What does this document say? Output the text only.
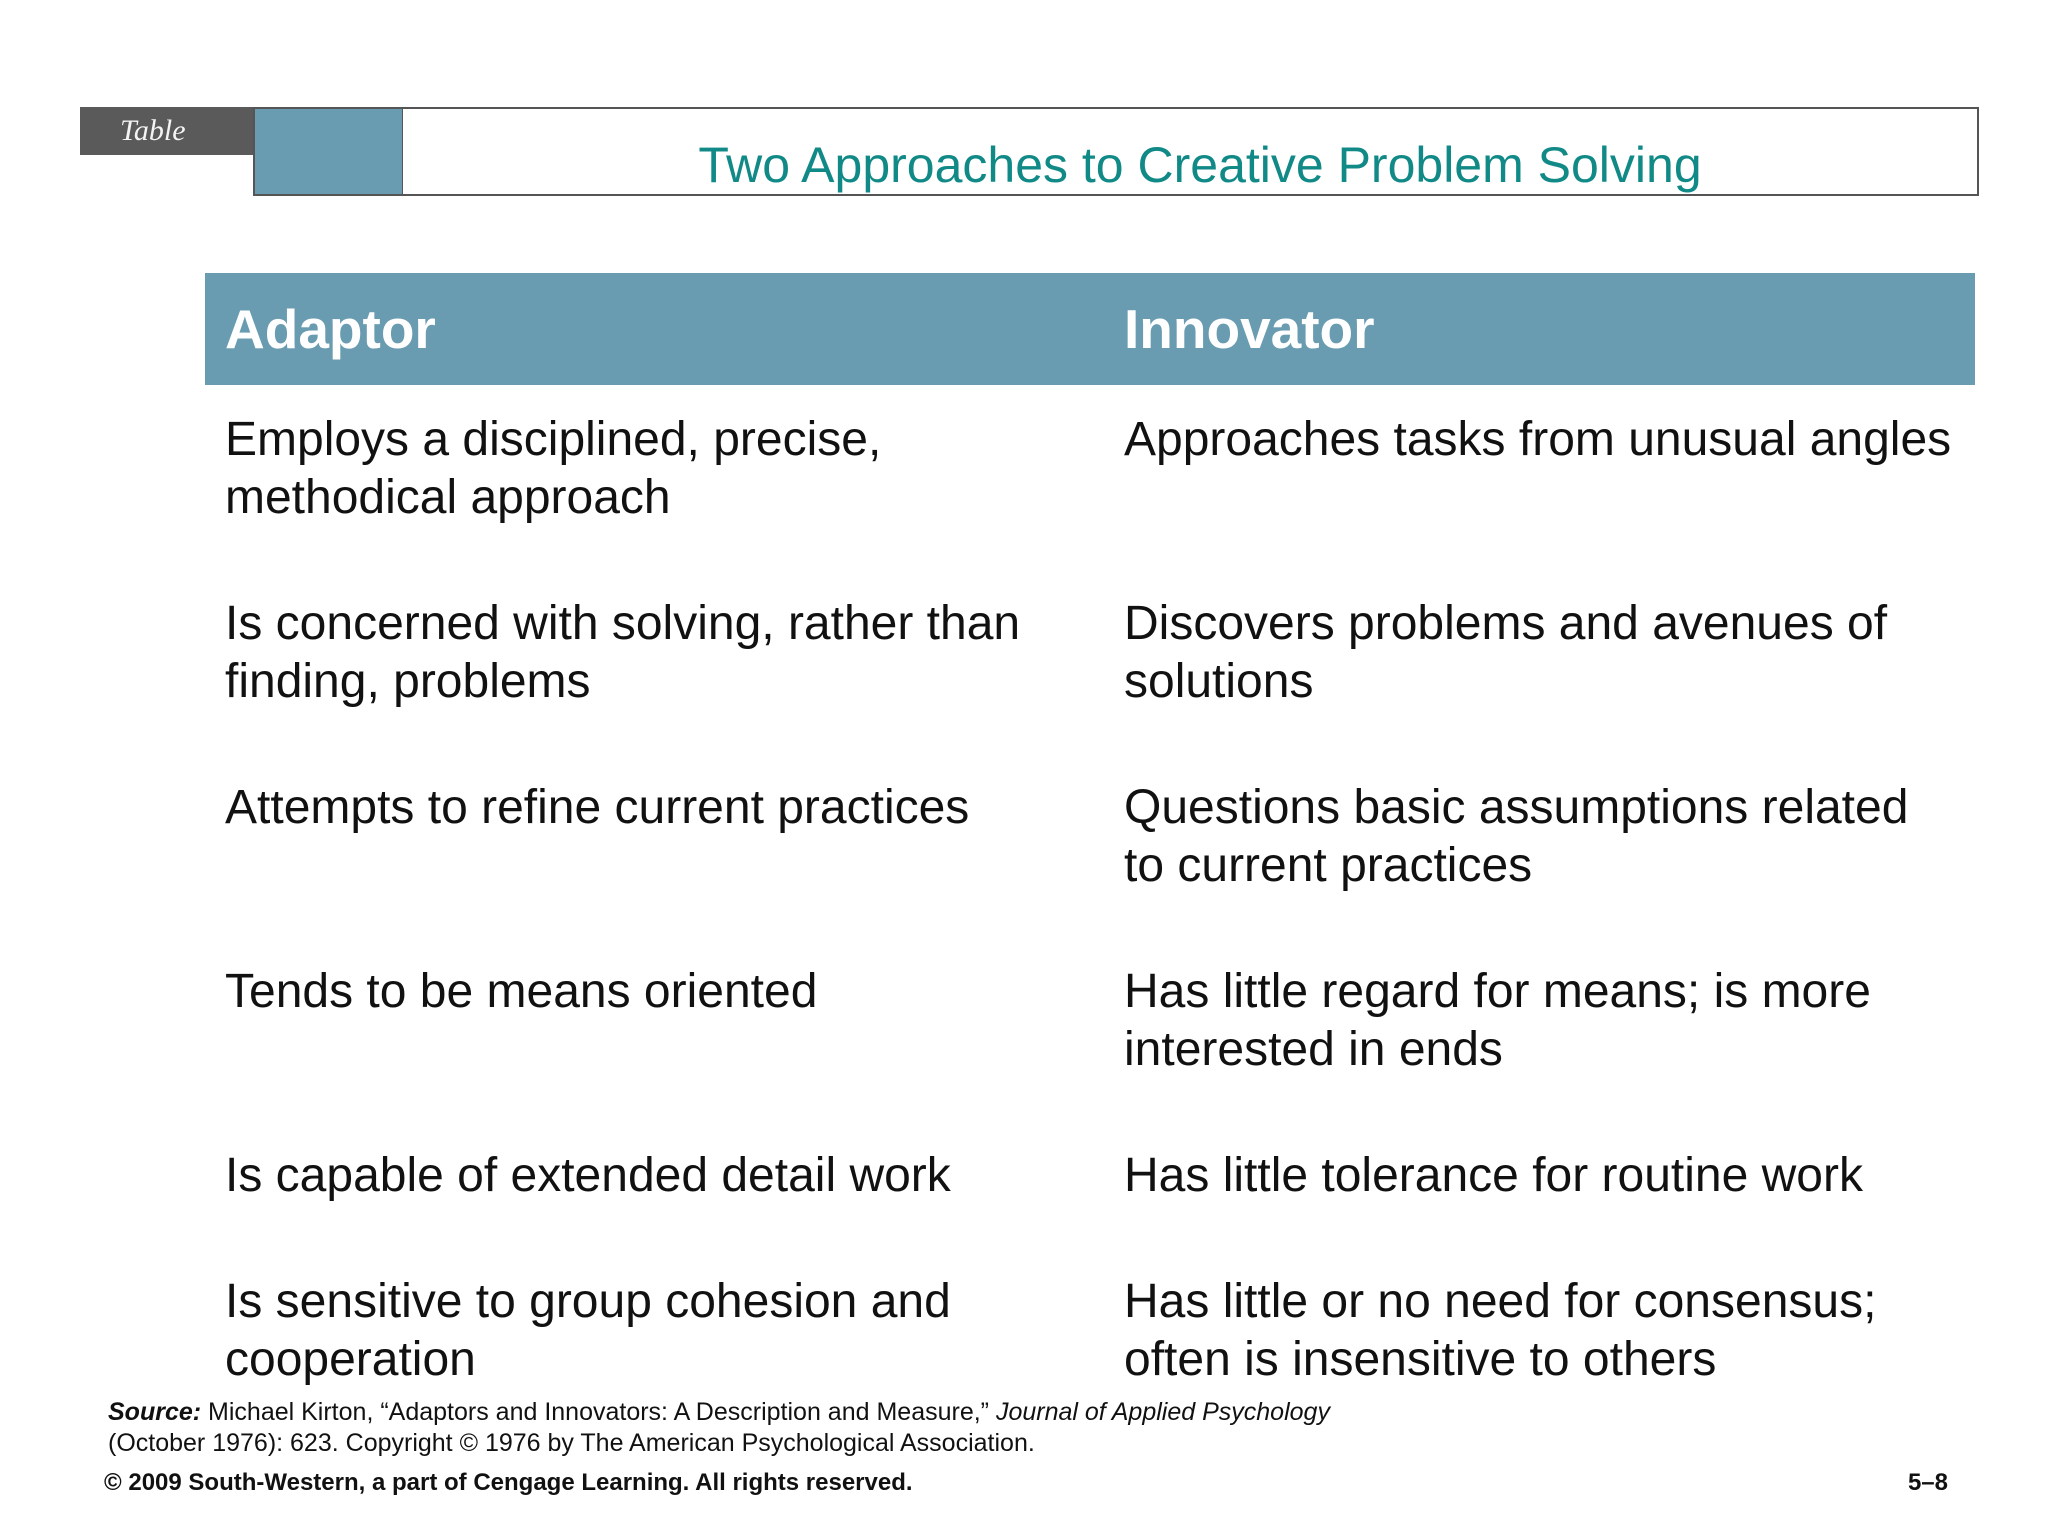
Table
Two Approaches to Creative Problem Solving
Adaptor	Innovator
Employs a disciplined, precise, methodical approach	Approaches tasks from unusual angles
Is concerned with solving, rather than finding, problems	Discovers problems and avenues of solutions
Attempts to refine current practices	Questions basic assumptions related to current practices
Tends to be means oriented	Has little regard for means; is more interested in ends
Is capable of extended detail work	Has little tolerance for routine work
Is sensitive to group cohesion and cooperation	Has little or no need for consensus; often is insensitive to others
Source: Michael Kirton, “Adaptors and Innovators: A Description and Measure,” Journal of Applied Psychology (October 1976): 623. Copyright © 1976 by The American Psychological Association.
© 2009 South-Western, a part of Cengage Learning. All rights reserved.	5–8
